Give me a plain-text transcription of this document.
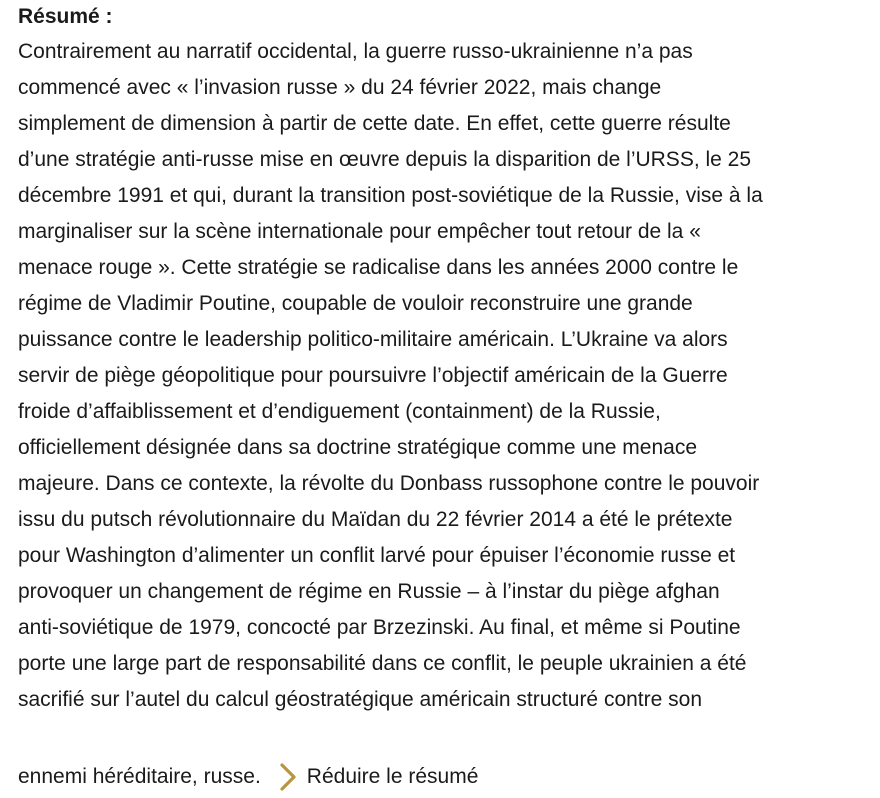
Résumé :
Contrairement au narratif occidental, la guerre russo-ukrainienne n’a pas
commencé avec « l’invasion russe » du 24 février 2022, mais change
simplement de dimension à partir de cette date. En effet, cette guerre résulte
d’une stratégie anti-russe mise en œuvre depuis la disparition de l’URSS, le 25
décembre 1991 et qui, durant la transition post-soviétique de la Russie, vise à la
marginaliser sur la scène internationale pour empêcher tout retour de la «
menace rouge ». Cette stratégie se radicalise dans les années 2000 contre le
régime de Vladimir Poutine, coupable de vouloir reconstruire une grande
puissance contre le leadership politico-militaire américain. L’Ukraine va alors
servir de piège géopolitique pour poursuivre l’objectif américain de la Guerre
froide d’affaiblissement et d’endiguement (containment) de la Russie,
officiellement désignée dans sa doctrine stratégique comme une menace
majeure. Dans ce contexte, la révolte du Donbass russophone contre le pouvoir
issu du putsch révolutionnaire du Maïdan du 22 février 2014 a été le prétexte
pour Washington d’alimenter un conflit larvé pour épuiser l’économie russe et
provoquer un changement de régime en Russie – à l’instar du piège afghan
anti-soviétique de 1979, concocté par Brzezinski. Au final, et même si Poutine
porte une large part de responsabilité dans ce conflit, le peuple ukrainien a été
sacrifié sur l’autel du calcul géostratégique américain structuré contre son
ennemi héréditaire, russe. Réduire le résumé
